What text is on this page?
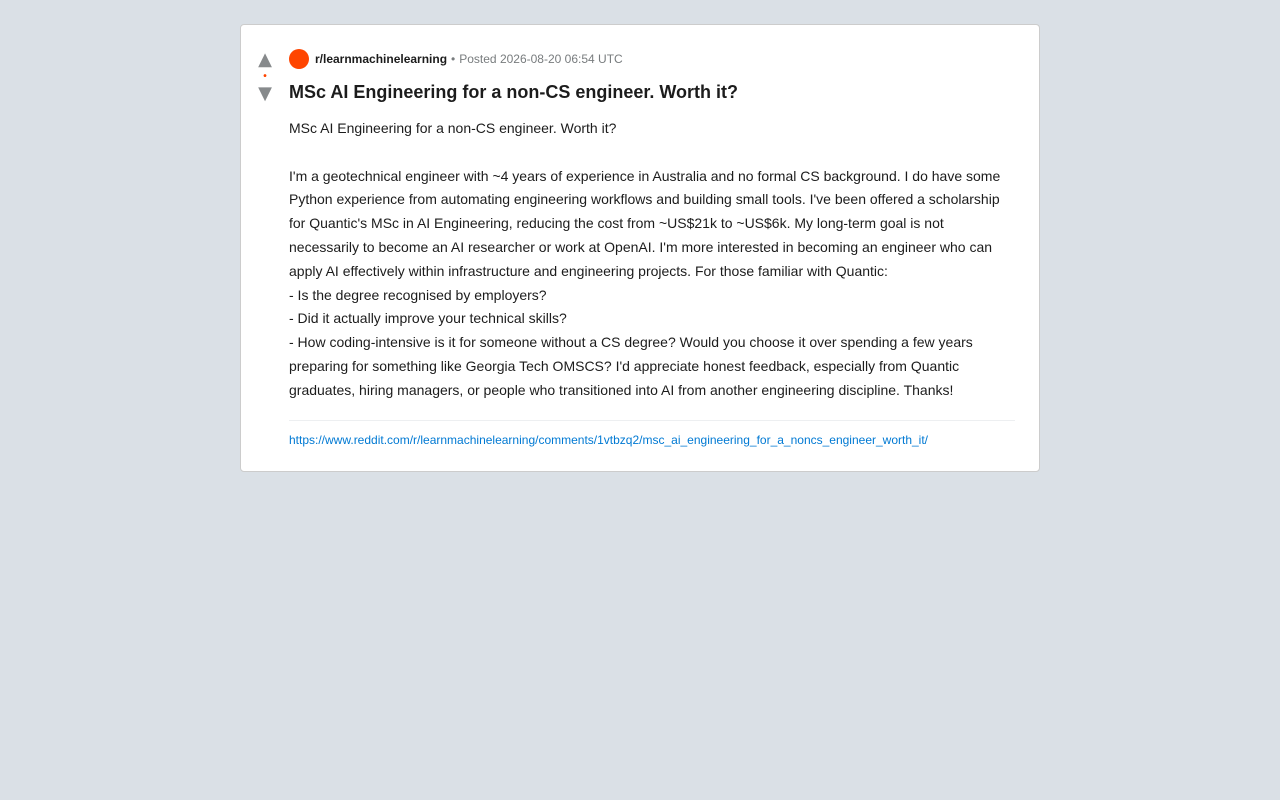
▲
•
▼
r/learnmachinelearning • Posted 2026-08-20 06:54 UTC
MSc AI Engineering for a non-CS engineer. Worth it?

MSc AI Engineering for a non-CS engineer. Worth it?

I'm a geotechnical engineer with ~4 years of experience in Australia and no formal CS background. I do have some Python experience from automating engineering workflows and building small tools. I've been offered a scholarship for Quantic's MSc in AI Engineering, reducing the cost from ~US$21k to ~US$6k. My long-term goal is not necessarily to become an AI researcher or work at OpenAI. I'm more interested in becoming an engineer who can apply AI effectively within infrastructure and engineering projects. For those familiar with Quantic:

- Is the degree recognised by employers?

- Did it actually improve your technical skills?

- How coding-intensive is it for someone without a CS degree? Would you choose it over spending a few years preparing for something like Georgia Tech OMSCS? I'd appreciate honest feedback, especially from Quantic graduates, hiring managers, or people who transitioned into AI from another engineering discipline. Thanks!

https://www.reddit.com/r/learnmachinelearning/comments/1vtbzq2/msc_ai_engineering_for_a_noncs_engineer_worth_it/
